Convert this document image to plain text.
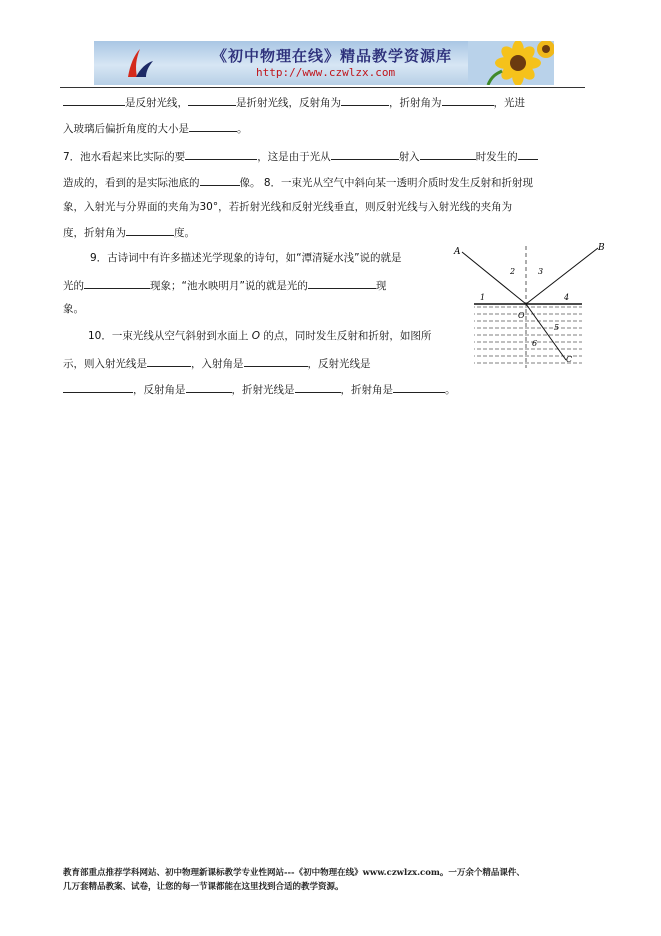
《初中物理在线》精品教学资源库
http://www.czwlzx.com
是反射光线，	是折射光线，反射角为	，折射角为	，光进
入玻璃后偏折角度的大小是	。
7．池水看起来比实际的要	，这是由于光从	射入	时发生的
造成的，看到的是实际池底的	像。 8．一束光从空气中斜向某一透明介质时发生反射和折射现
象，入射光与分界面的夹角为30°，若折射光线和反射光线垂直，则反射光线与入射光线的夹角为
度，折射角为	度。
9．古诗词中有许多描述光学现象的诗句，如“潭清疑水浅”说的就是
光的	现象；“池水映明月”说的就是光的	现
象。
10．一束光线从空气斜射到水面上 O 的点，同时发生反射和折射，如图所
示，则入射光线是	，入射角是	，反射光线是
，反射角是	，折射光线是	，折射角是	。
A	B
2	3
1	4
O
5
6
C
教育部重点推荐学科网站、初中物理新课标教学专业性网站---《初中物理在线》www.czwlzx.com。一万余个精品课件、
几万套精品教案、试卷，让您的每一节课都能在这里找到合适的教学资源。
